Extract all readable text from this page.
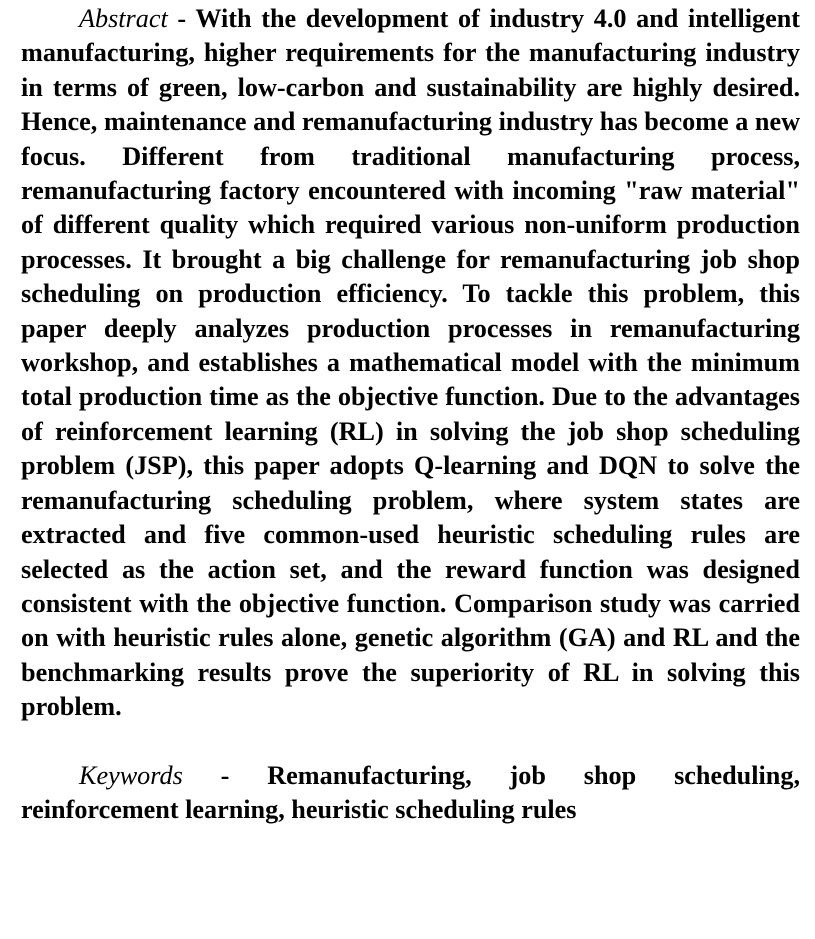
Abstract - With the development of industry 4.0 and intelligent manufacturing, higher requirements for the manufacturing industry in terms of green, low-carbon and sustainability are highly desired. Hence, maintenance and remanufacturing industry has become a new focus. Different from traditional manufacturing process, remanufacturing factory encountered with incoming "raw material" of different quality which required various non-uniform production processes. It brought a big challenge for remanufacturing job shop scheduling on production efficiency. To tackle this problem, this paper deeply analyzes production processes in remanufacturing workshop, and establishes a mathematical model with the minimum total production time as the objective function. Due to the advantages of reinforcement learning (RL) in solving the job shop scheduling problem (JSP), this paper adopts Q-learning and DQN to solve the remanufacturing scheduling problem, where system states are extracted and five common-used heuristic scheduling rules are selected as the action set, and the reward function was designed consistent with the objective function. Comparison study was carried on with heuristic rules alone, genetic algorithm (GA) and RL and the benchmarking results prove the superiority of RL in solving this problem.

Keywords - Remanufacturing, job shop scheduling, reinforcement learning, heuristic scheduling rules
